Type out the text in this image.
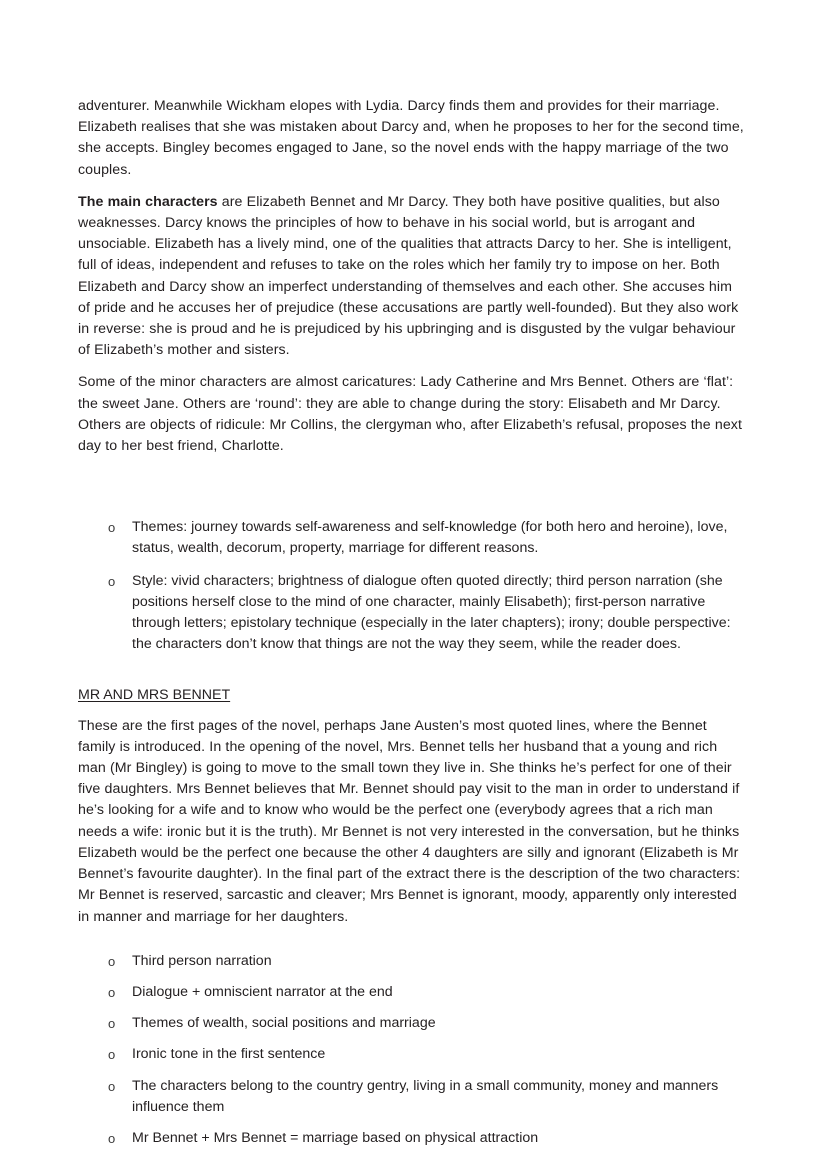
adventurer. Meanwhile Wickham elopes with Lydia. Darcy finds them and provides for their marriage. Elizabeth realises that she was mistaken about Darcy and, when he proposes to her for the second time, she accepts. Bingley becomes engaged to Jane, so the novel ends with the happy marriage of the two couples.

The main characters are Elizabeth Bennet and Mr Darcy. They both have positive qualities, but also weaknesses. Darcy knows the principles of how to behave in his social world, but is arrogant and unsociable. Elizabeth has a lively mind, one of the qualities that attracts Darcy to her. She is intelligent, full of ideas, independent and refuses to take on the roles which her family try to impose on her. Both Elizabeth and Darcy show an imperfect understanding of themselves and each other. She accuses him of pride and he accuses her of prejudice (these accusations are partly well-founded). But they also work in reverse: she is proud and he is prejudiced by his upbringing and is disgusted by the vulgar behaviour of Elizabeth’s mother and sisters.

Some of the minor characters are almost caricatures: Lady Catherine and Mrs Bennet. Others are ‘flat’: the sweet Jane. Others are ‘round’: they are able to change during the story: Elisabeth and Mr Darcy. Others are objects of ridicule: Mr Collins, the clergyman who, after Elizabeth’s refusal, proposes the next day to her best friend, Charlotte.

o Themes: journey towards self-awareness and self-knowledge (for both hero and heroine), love, status, wealth, decorum, property, marriage for different reasons.
o Style: vivid characters; brightness of dialogue often quoted directly; third person narration (she positions herself close to the mind of one character, mainly Elisabeth); first-person narrative through letters; epistolary technique (especially in the later chapters); irony; double perspective: the characters don’t know that things are not the way they seem, while the reader does.
MR AND MRS BENNET

These are the first pages of the novel, perhaps Jane Austen’s most quoted lines, where the Bennet family is introduced. In the opening of the novel, Mrs. Bennet tells her husband that a young and rich man (Mr Bingley) is going to move to the small town they live in. She thinks he’s perfect for one of their five daughters. Mrs Bennet believes that Mr. Bennet should pay visit to the man in order to understand if he’s looking for a wife and to know who would be the perfect one (everybody agrees that a rich man needs a wife: ironic but it is the truth). Mr Bennet is not very interested in the conversation, but he thinks Elizabeth would be the perfect one because the other 4 daughters are silly and ignorant (Elizabeth is Mr Bennet’s favourite daughter). In the final part of the extract there is the description of the two characters: Mr Bennet is reserved, sarcastic and cleaver; Mrs Bennet is ignorant, moody, apparently only interested in manner and marriage for her daughters.

o Third person narration
o Dialogue + omniscient narrator at the end
o Themes of wealth, social positions and marriage
o Ironic tone in the first sentence
o The characters belong to the country gentry, living in a small community, money and manners influence them
o Mr Bennet + Mrs Bennet = marriage based on physical attraction
